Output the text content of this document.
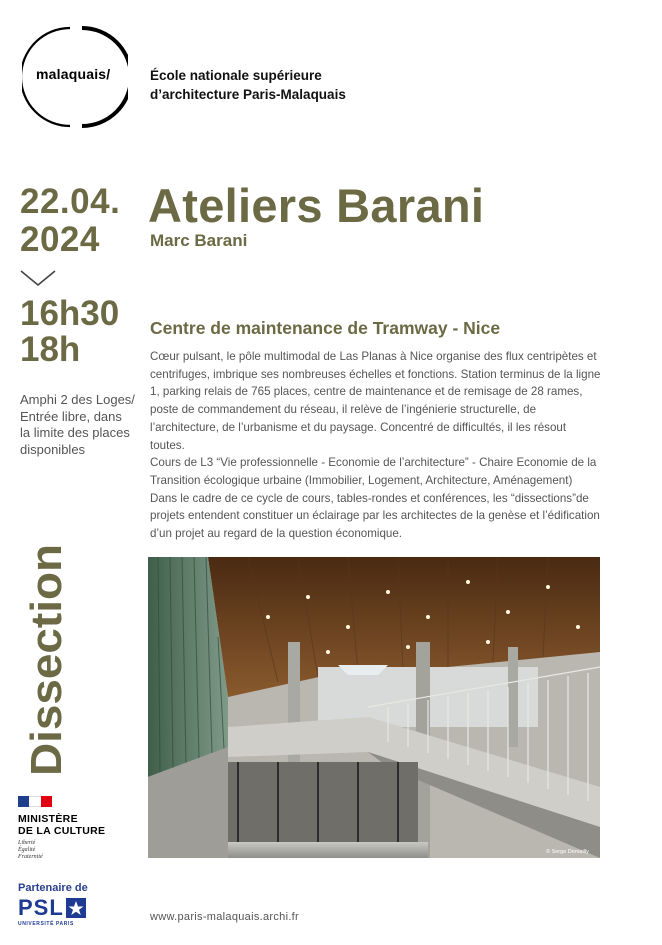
malaquais/	École nationale supérieure
d’architecture Paris-Malaquais
22.04.
2024
16h30
18h
Amphi 2 des Loges/
Entrée libre, dans
la limite des places
disponibles
Dissection
Ateliers Barani
Marc Barani
Centre de maintenance de Tramway - Nice

Cœur pulsant, le pôle multimodal de Las Planas à Nice organise des flux centripètes et centrifuges, imbrique ses nombreuses échelles et fonctions. Station terminus de la ligne 1, parking relais de 765 places, centre de maintenance et de remisage de 28 rames, poste de commandement du réseau, il relève de l’ingénierie structurelle, de l’architecture, de l’urbanisme et du paysage. Concentré de difficultés, il les résout toutes.

Cours de L3 “Vie professionnelle - Economie de l’architecture” - Chaire Economie de la Transition écologique urbaine (Immobilier, Logement, Architecture, Aménagement) Dans le cadre de ce cycle de cours, tables-rondes et conférences, les “dissections”de projets entendent constituer un éclairage par les architectes de la genèse et l’édification d’un projet au regard de la question économique.

© Serge Demailly
MINISTÈRE
DE LA CULTURE
Liberté
Égalité
Fraternité
Partenaire de
PSL
UNIVERSITÉ PARIS
www.paris-malaquais.archi.fr
